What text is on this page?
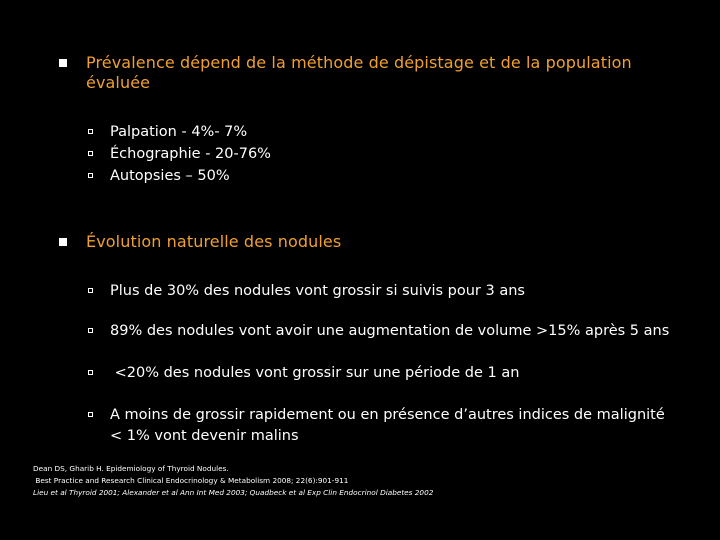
Prévalence dépend de la méthode de dépistage et de la population évaluée
Palpation - 4%- 7%
Échographie - 20-76%
Autopsies – 50%
Évolution naturelle des nodules
Plus de 30% des nodules vont grossir si suivis pour 3 ans
89% des nodules vont avoir une augmentation de volume >15% après 5 ans
<20% des nodules vont grossir sur une période de 1 an
A moins de grossir rapidement ou en présence d’autres indices de malignité < 1% vont devenir malins
Dean DS, Gharib H. Epidemiology of Thyroid Nodules.
Best Practice and Research Clinical Endocrinology & Metabolism 2008; 22(6):901-911
Lieu et al Thyroid 2001; Alexander et al Ann Int Med 2003; Quadbeck et al Exp Clin Endocrinol Diabetes 2002
